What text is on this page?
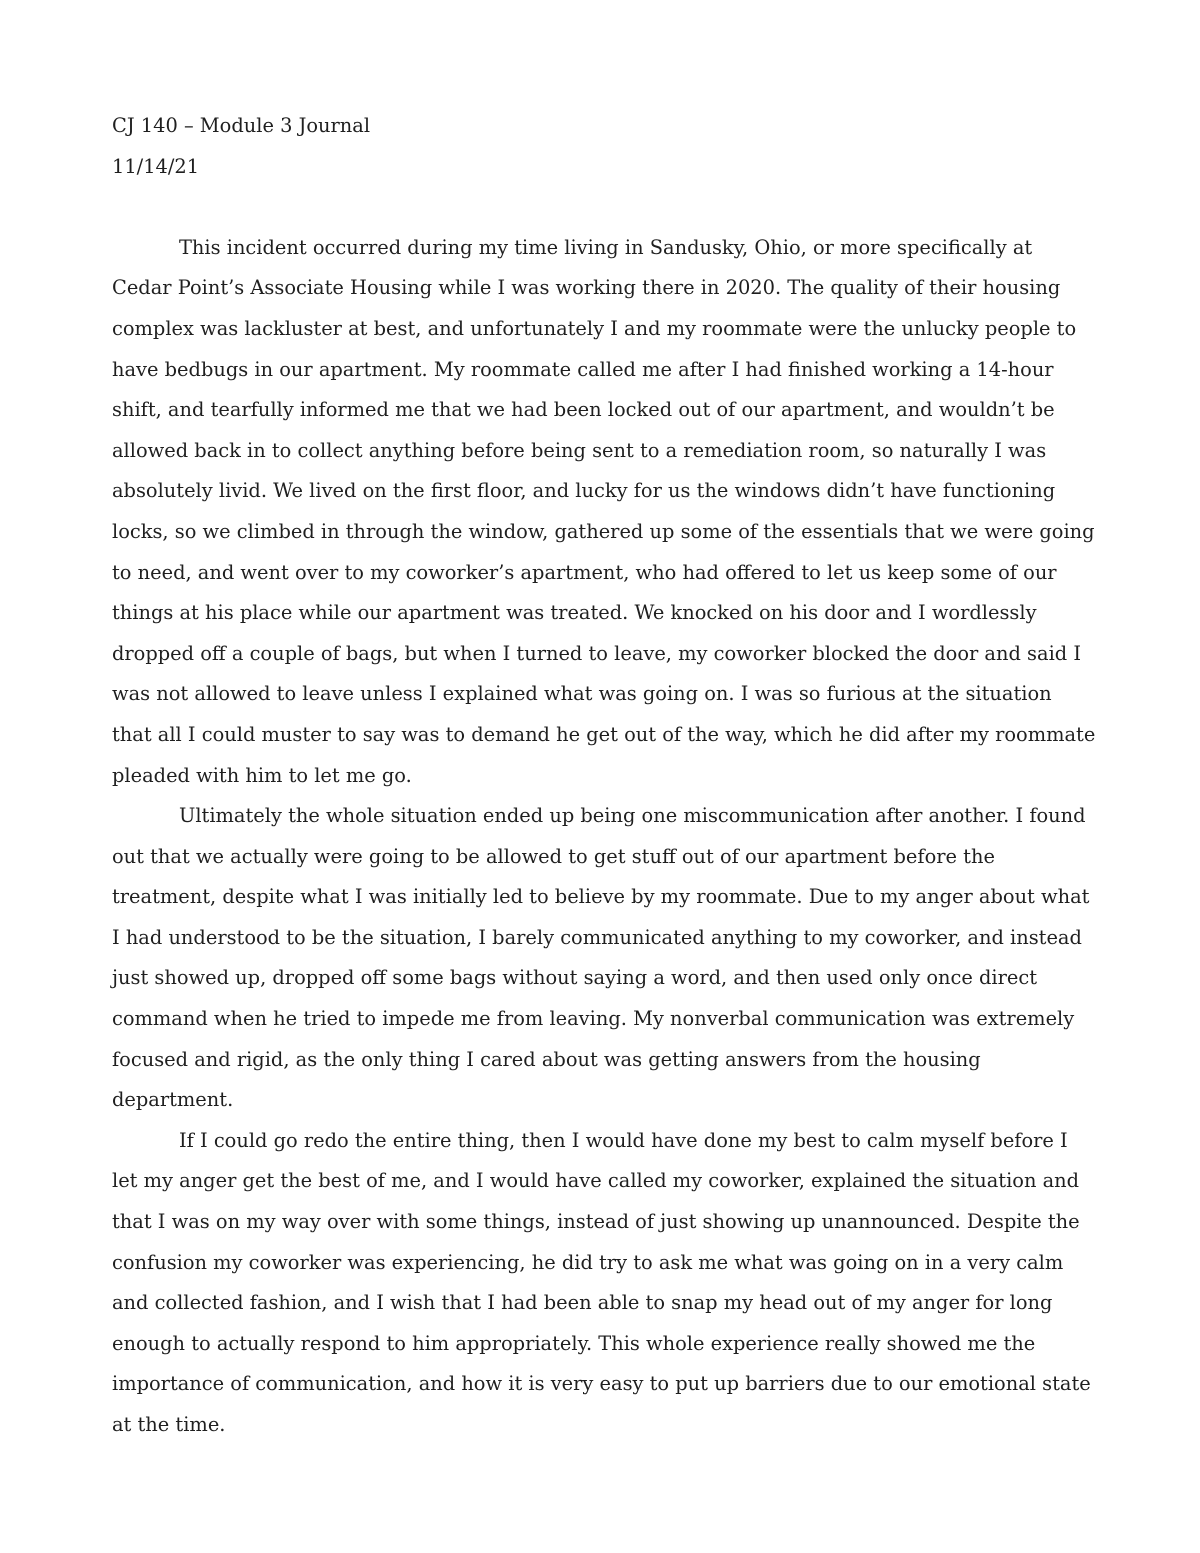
CJ 140 – Module 3 Journal

11/14/21

This incident occurred during my time living in Sandusky, Ohio, or more specifically at Cedar Point’s Associate Housing while I was working there in 2020. The quality of their housing complex was lackluster at best, and unfortunately I and my roommate were the unlucky people to have bedbugs in our apartment. My roommate called me after I had finished working a 14-hour shift, and tearfully informed me that we had been locked out of our apartment, and wouldn’t be allowed back in to collect anything before being sent to a remediation room, so naturally I was absolutely livid. We lived on the first floor, and lucky for us the windows didn’t have functioning locks, so we climbed in through the window, gathered up some of the essentials that we were going to need, and went over to my coworker’s apartment, who had offered to let us keep some of our things at his place while our apartment was treated. We knocked on his door and I wordlessly dropped off a couple of bags, but when I turned to leave, my coworker blocked the door and said I was not allowed to leave unless I explained what was going on. I was so furious at the situation that all I could muster to say was to demand he get out of the way, which he did after my roommate pleaded with him to let me go.

Ultimately the whole situation ended up being one miscommunication after another. I found out that we actually were going to be allowed to get stuff out of our apartment before the treatment, despite what I was initially led to believe by my roommate. Due to my anger about what I had understood to be the situation, I barely communicated anything to my coworker, and instead just showed up, dropped off some bags without saying a word, and then used only once direct command when he tried to impede me from leaving. My nonverbal communication was extremely focused and rigid, as the only thing I cared about was getting answers from the housing department.

If I could go redo the entire thing, then I would have done my best to calm myself before I let my anger get the best of me, and I would have called my coworker, explained the situation and that I was on my way over with some things, instead of just showing up unannounced. Despite the confusion my coworker was experiencing, he did try to ask me what was going on in a very calm and collected fashion, and I wish that I had been able to snap my head out of my anger for long enough to actually respond to him appropriately. This whole experience really showed me the importance of communication, and how it is very easy to put up barriers due to our emotional state at the time.
